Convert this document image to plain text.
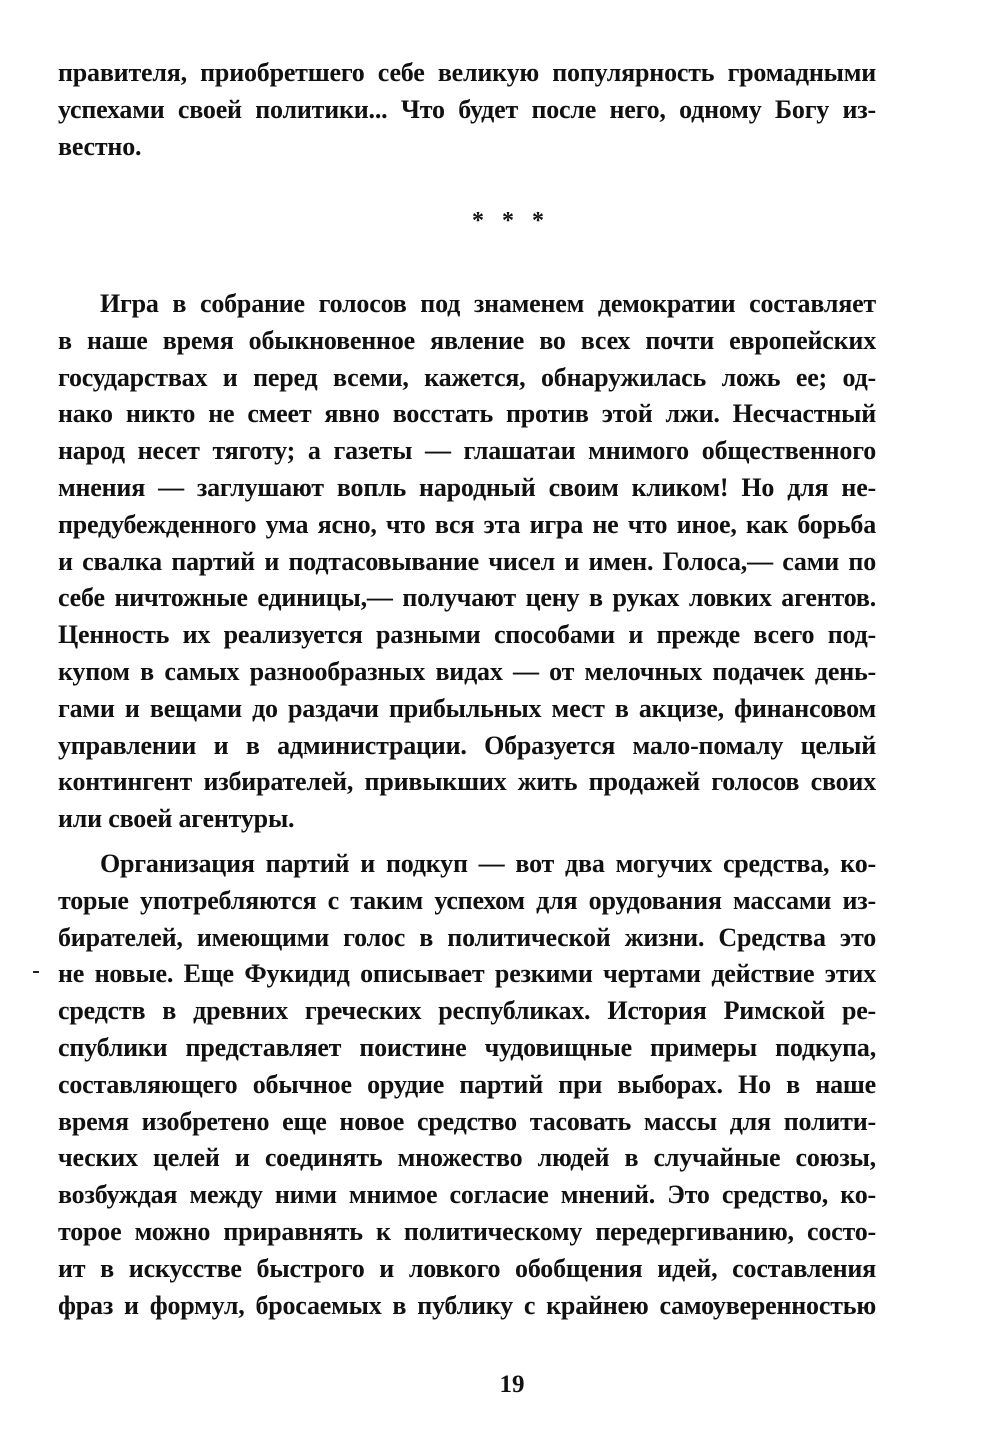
правителя, приобретшего себе великую популярность громадными
успехами своей политики... Что будет после него, одному Богу из-
вестно.
* * *
Игра в собрание голосов под знаменем демократии составляет
в наше время обыкновенное явление во всех почти европейских
государствах и перед всеми, кажется, обнаружилась ложь ее; од-
нако никто не смеет явно восстать против этой лжи. Несчастный
народ несет тяготу; а газеты — глашатаи мнимого общественного
мнения — заглушают вопль народный своим кликом! Но для не-
предубежденного ума ясно, что вся эта игра не что иное, как борьба
и свалка партий и подтасовывание чисел и имен. Голоса,— сами по
себе ничтожные единицы,— получают цену в руках ловких агентов.
Ценность их реализуется разными способами и прежде всего под-
купом в самых разнообразных видах — от мелочных подачек день-
гами и вещами до раздачи прибыльных мест в акцизе, финансовом
управлении и в администрации. Образуется мало-помалу целый
контингент избирателей, привыкших жить продажей голосов своих
или своей агентуры.
Организация партий и подкуп — вот два могучих средства, ко-
торые употребляются с таким успехом для орудования массами из-
бирателей, имеющими голос в политической жизни. Средства это
не новые. Еще Фукидид описывает резкими чертами действие этих
средств в древних греческих республиках. История Римской ре-
спублики представляет поистине чудовищные примеры подкупа,
составляющего обычное орудие партий при выборах. Но в наше
время изобретено еще новое средство тасовать массы для полити-
ческих целей и соединять множество людей в случайные союзы,
возбуждая между ними мнимое согласие мнений. Это средство, ко-
торое можно приравнять к политическому передергиванию, состо-
ит в искусстве быстрого и ловкого обобщения идей, составления
фраз и формул, бросаемых в публику с крайнею самоуверенностью
19
